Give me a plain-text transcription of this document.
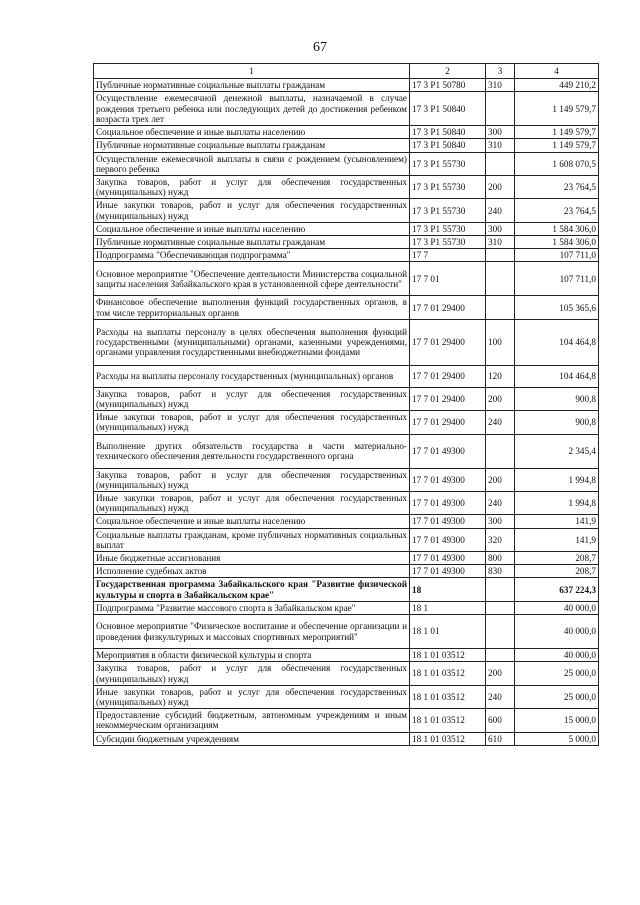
67
1	2	3	4
Публичные нормативные социальные выплаты гражданам	17 3 Р1 50780	310	449 210,2
Осуществление ежемесячной денежной выплаты, назначаемой в случае рождения третьего ребенка или последующих детей до достижения ребенком возраста трех лет	17 3 Р1 50840		1 149 579,7
Социальное обеспечение и иные выплаты населению	17 3 Р1 50840	300	1 149 579,7
Публичные нормативные социальные выплаты гражданам	17 3 Р1 50840	310	1 149 579,7
Осуществление ежемесячной выплаты в связи с рождением (усыновлением) первого ребенка	17 3 Р1 55730		1 608 070,5
Закупка товаров, работ и услуг для обеспечения государственных (муниципальных) нужд	17 3 Р1 55730	200	23 764,5
Иные закупки товаров, работ и услуг для обеспечения государственных (муниципальных) нужд	17 3 Р1 55730	240	23 764,5
Социальное обеспечение и иные выплаты населению	17 3 Р1 55730	300	1 584 306,0
Публичные нормативные социальные выплаты гражданам	17 3 Р1 55730	310	1 584 306,0
Подпрограмма "Обеспечивающая подпрограмма"	17 7		107 711,0
Основное мероприятие "Обеспечение деятельности Министерства социальной защиты населения Забайкальского края в установленной сфере деятельности"	17 7 01		107 711,0
Финансовое обеспечение выполнения функций государственных органов, в том числе территориальных органов	17 7 01 29400		105 365,6
Расходы на выплаты персоналу в целях обеспечения выполнения функций государственными (муниципальными) органами, казенными учреждениями, органами управления государственными внебюджетными фондами	17 7 01 29400	100	104 464,8
Расходы на выплаты персоналу государственных (муниципальных) органов	17 7 01 29400	120	104 464,8
Закупка товаров, работ и услуг для обеспечения государственных (муниципальных) нужд	17 7 01 29400	200	900,8
Иные закупки товаров, работ и услуг для обеспечения государственных (муниципальных) нужд	17 7 01 29400	240	900,8
Выполнение других обязательств государства в части материально-технического обеспечения деятельности государственного органа	17 7 01 49300		2 345,4
Закупка товаров, работ и услуг для обеспечения государственных (муниципальных) нужд	17 7 01 49300	200	1 994,8
Иные закупки товаров, работ и услуг для обеспечения государственных (муниципальных) нужд	17 7 01 49300	240	1 994,8
Социальное обеспечение и иные выплаты населению	17 7 01 49300	300	141,9
Социальные выплаты гражданам, кроме публичных нормативных социальных выплат	17 7 01 49300	320	141,9
Иные бюджетные ассигнования	17 7 01 49300	800	208,7
Исполнение судебных актов	17 7 01 49300	830	208,7
Государственная программа Забайкальского края "Развитие физической культуры и спорта в Забайкальском крае"	18		637 224,3
Подпрограмма "Развитие массового спорта в Забайкальском крае"	18 1		40 000,0
Основное мероприятие "Физическое воспитание и обеспечение организации и проведения физкультурных и массовых спортивных мероприятий"	18 1 01		40 000,0
Мероприятия в области физической культуры и спорта	18 1 01 03512		40 000,0
Закупка товаров, работ и услуг для обеспечения государственных (муниципальных) нужд	18 1 01 03512	200	25 000,0
Иные закупки товаров, работ и услуг для обеспечения государственных (муниципальных) нужд	18 1 01 03512	240	25 000,0
Предоставление субсидий бюджетным, автономным учреждениям и иным некоммерческим организациям	18 1 01 03512	600	15 000,0
Субсидии бюджетным учреждениям	18 1 01 03512	610	5 000,0
